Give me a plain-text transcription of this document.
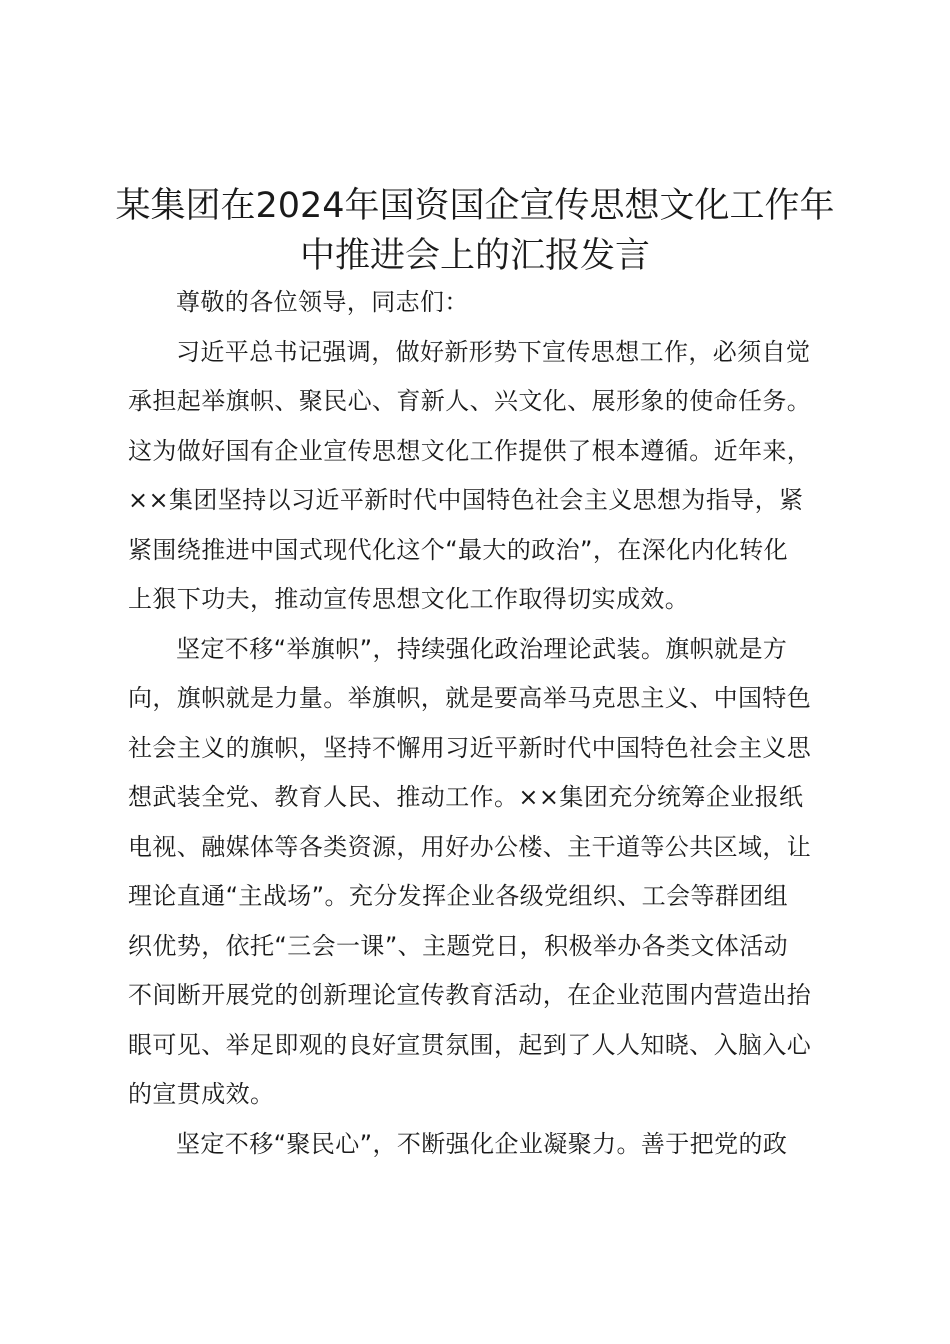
某集团在2024年国资国企宣传思想文化工作年
中推进会上的汇报发言

尊敬的各位领导，同志们：

习近平总书记强调，做好新形势下宣传思想工作，必须自觉
承担起举旗帜、聚民心、育新人、兴文化、展形象的使命任务。
这为做好国有企业宣传思想文化工作提供了根本遵循。近年来，
××集团坚持以习近平新时代中国特色社会主义思想为指导，紧
紧围绕推进中国式现代化这个“最大的政治”，在深化内化转化
上狠下功夫，推动宣传思想文化工作取得切实成效。

坚定不移“举旗帜”，持续强化政治理论武装。旗帜就是方
向，旗帜就是力量。举旗帜，就是要高举马克思主义、中国特色
社会主义的旗帜，坚持不懈用习近平新时代中国特色社会主义思
想武装全党、教育人民、推动工作。××集团充分统筹企业报纸
电视、融媒体等各类资源，用好办公楼、主干道等公共区域，让
理论直通“主战场”。充分发挥企业各级党组织、工会等群团组
织优势，依托“三会一课”、主题党日，积极举办各类文体活动
不间断开展党的创新理论宣传教育活动，在企业范围内营造出抬
眼可见、举足即观的良好宣贯氛围，起到了人人知晓、入脑入心
的宣贯成效。

坚定不移“聚民心”，不断强化企业凝聚力。善于把党的政
